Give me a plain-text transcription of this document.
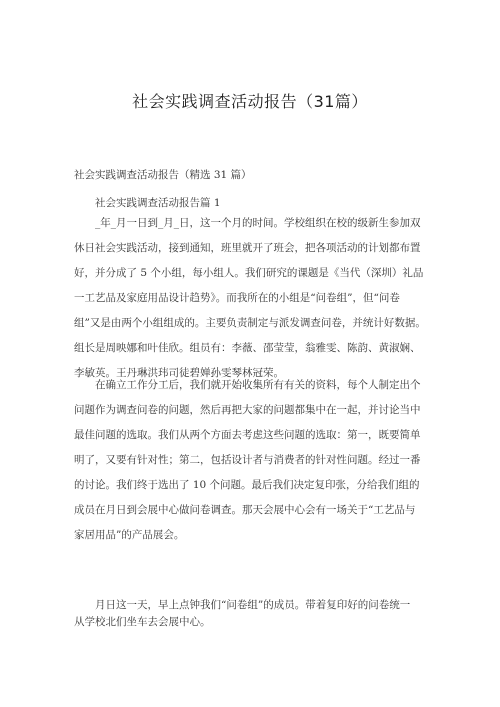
社会实践调查活动报告（31篇）
社会实践调查活动报告（精选 31 篇）
社会实践调查活动报告篇 1
_年_月一日到_月_日，这一个月的时间。学校组织在校的级新生参加双
休日社会实践活动，接到通知，班里就开了班会，把各项活动的计划都布置
好，并分成了 5 个小组，每小组人。我们研究的课题是《当代（深圳）礼品
一工艺品及家庭用品设计趋势》。而我所在的小组是“问卷组”，但“问卷
组”又是由两个小组组成的。主要负责制定与派发调查问卷，并统计好数据。
组长是周映娜和叶佳欣。组员有：李薇、邵莹莹，翁雅雯、陈韵、黄淑娴、
李敏英。王丹琳洪玮司徒碧婵孙雯琴林冠荣。
在确立工作分工后，我们就开始收集所有有关的资料，每个人制定出个
问题作为调查问卷的问题，然后再把大家的问题都集中在一起，并讨论当中
最佳问题的选取。我们从两个方面去考虑这些问题的选取：第一，既要简单
明了，又要有针对性；第二，包括设计者与消费者的针对性问题。经过一番
的讨论。我们终于选出了 10 个问题。最后我们决定复印张，分给我们组的
成员在月日到会展中心做问卷调查。那天会展中心会有一场关于“工艺品与
家居用品”的产品展会。
月日这一天，早上点钟我们“问卷组”的成员。带着复印好的问卷统一
从学校北们坐车去会展中心。
